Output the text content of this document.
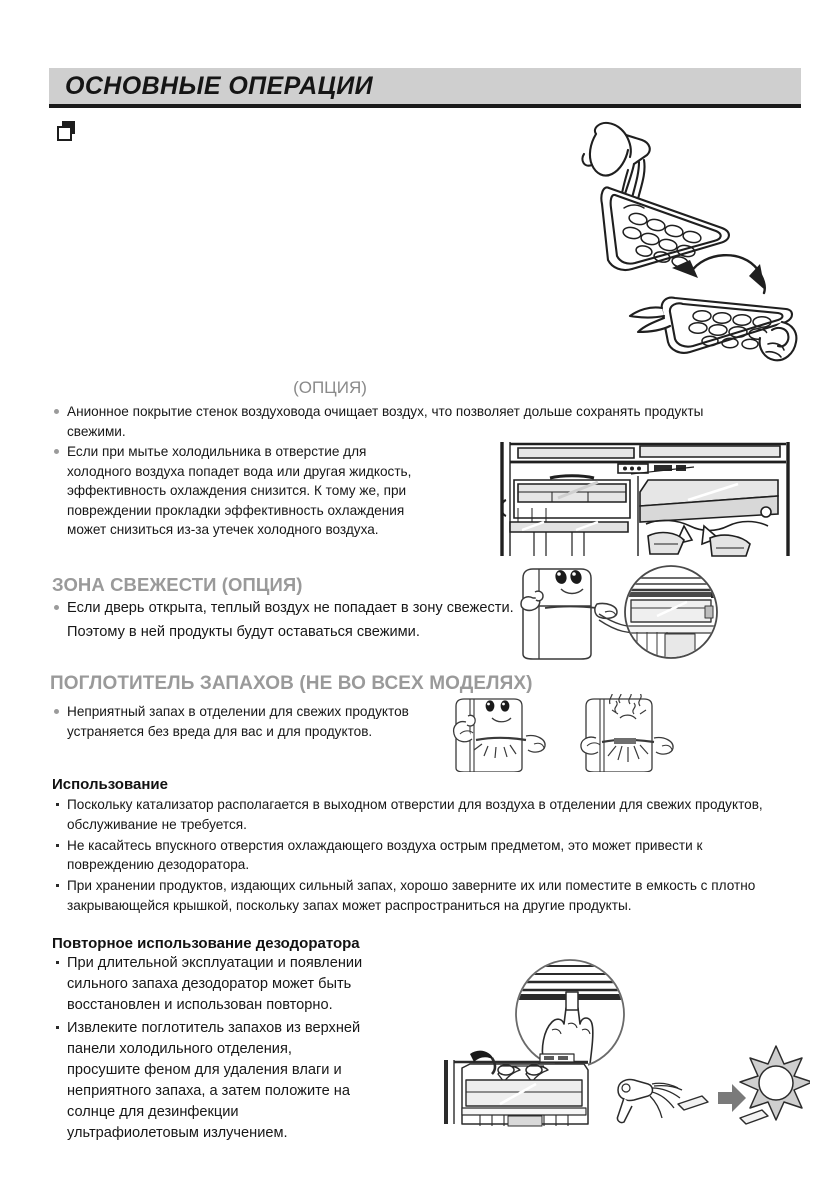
ОСНОВНЫЕ ОПЕРАЦИИ
(ОПЦИЯ)
Анионное покрытие стенок воздуховода очищает воздух, что позволяет дольше сохранять продукты свежими.
Если при мытье холодильника в отверстие для холодного воздуха попадет вода или другая жидкость, эффективность охлаждения снизится. К тому же, при повреждении прокладки эффективность охлаждения может снизиться из-за утечек холодного воздуха.
ЗОНА СВЕЖЕСТИ (ОПЦИЯ)
Если дверь открыта, теплый воздух не попадает в зону свежести.
Поэтому в ней продукты будут оставаться свежими.
ПОГЛОТИТЕЛЬ ЗАПАХОВ (НЕ ВО ВСЕХ МОДЕЛЯХ)
Неприятный запах в отделении для свежих продуктов устраняется без вреда для вас и для продуктов.
Использование
Поскольку катализатор располагается в выходном отверстии для воздуха в отделении для свежих продуктов, обслуживание не требуется.
Не касайтесь впускного отверстия охлаждающего воздуха острым предметом, это может привести к повреждению дезодоратора.
При хранении продуктов, издающих сильный запах, хорошо заверните их или поместите в емкость с плотно закрывающейся крышкой, поскольку запах может распространиться на другие продукты.
Повторное использование дезодоратора
При длительной эксплуатации и появлении сильного запаха дезодоратор может быть восстановлен и использован повторно.
Извлеките поглотитель запахов из верхней панели холодильного отделения, просушите феном для удаления влаги и неприятного запаха, а затем положите на солнце для дезинфекции ультрафиолетовым излучением.
